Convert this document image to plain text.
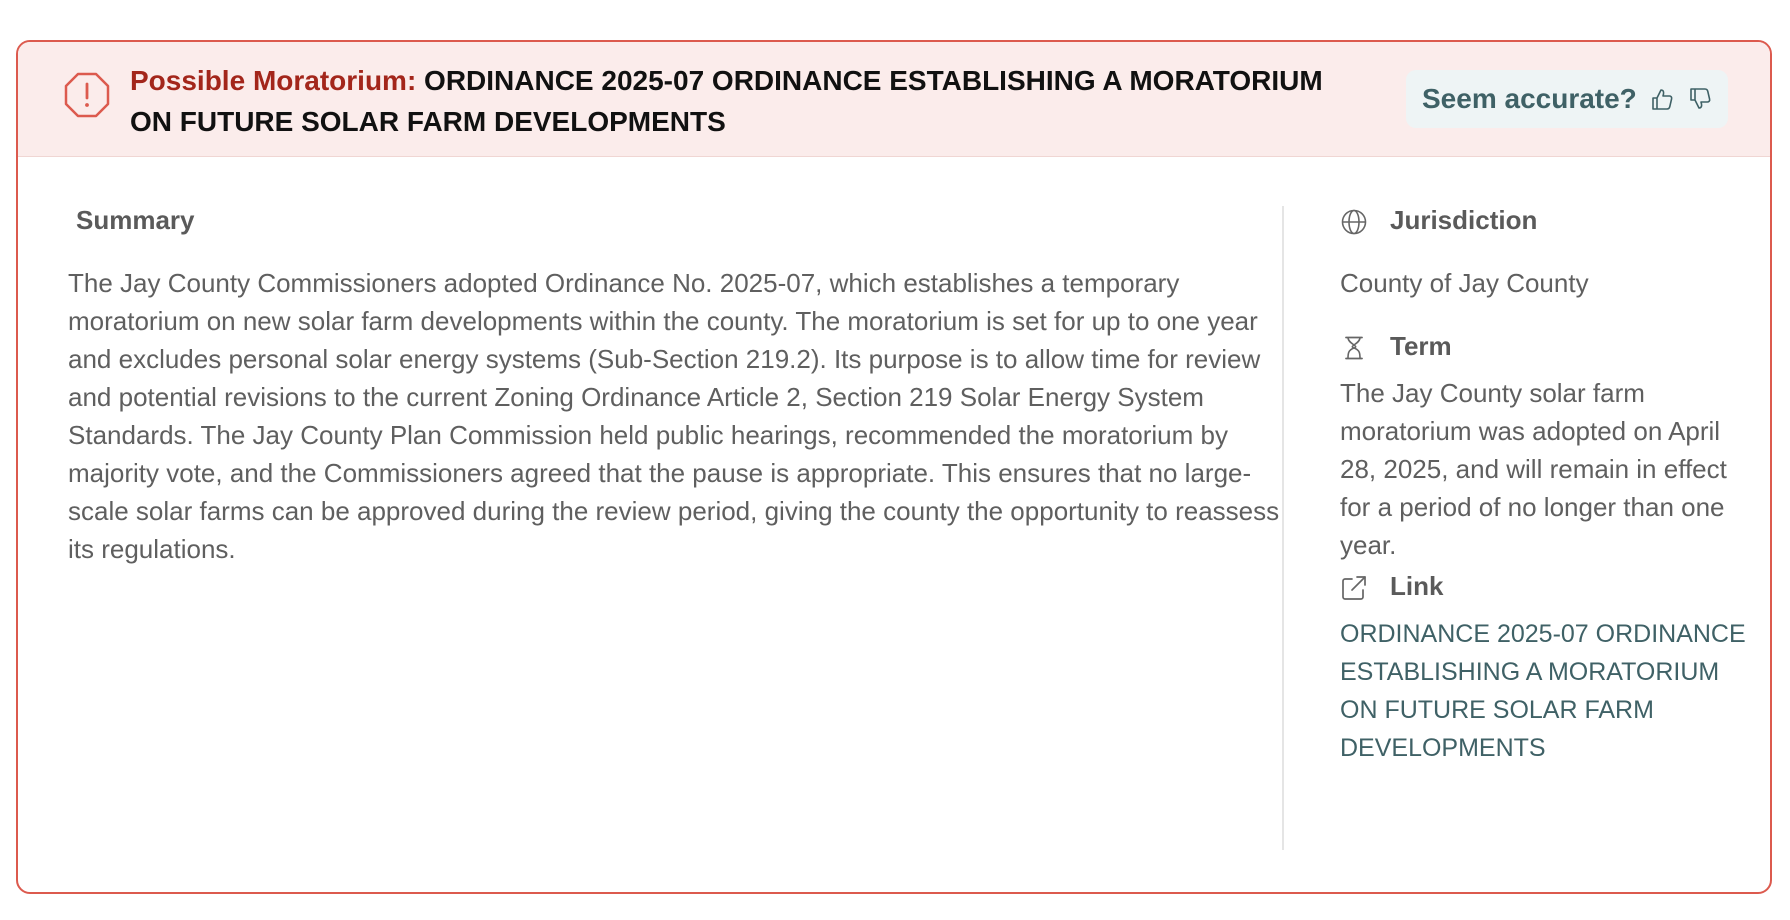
Possible Moratorium: ORDINANCE 2025-07 ORDINANCE ESTABLISHING A MORATORIUM ON FUTURE SOLAR FARM DEVELOPMENTS
Seem accurate?
Summary

The Jay County Commissioners adopted Ordinance No. 2025-07, which establishes a temporary moratorium on new solar farm developments within the county. The moratorium is set for up to one year and excludes personal solar energy systems (Sub-Section 219.2). Its purpose is to allow time for review and potential revisions to the current Zoning Ordinance Article 2, Section 219 Solar Energy System Standards. The Jay County Plan Commission held public hearings, recommended the moratorium by majority vote, and the Commissioners agreed that the pause is appropriate. This ensures that no large-scale solar farms can be approved during the review period, giving the county the opportunity to reassess its regulations.

Jurisdiction

County of Jay County

Term

The Jay County solar farm moratorium was adopted on April 28, 2025, and will remain in effect for a period of no longer than one year.

Link
ORDINANCE 2025-07 ORDINANCE ESTABLISHING A MORATORIUM ON FUTURE SOLAR FARM DEVELOPMENTS
